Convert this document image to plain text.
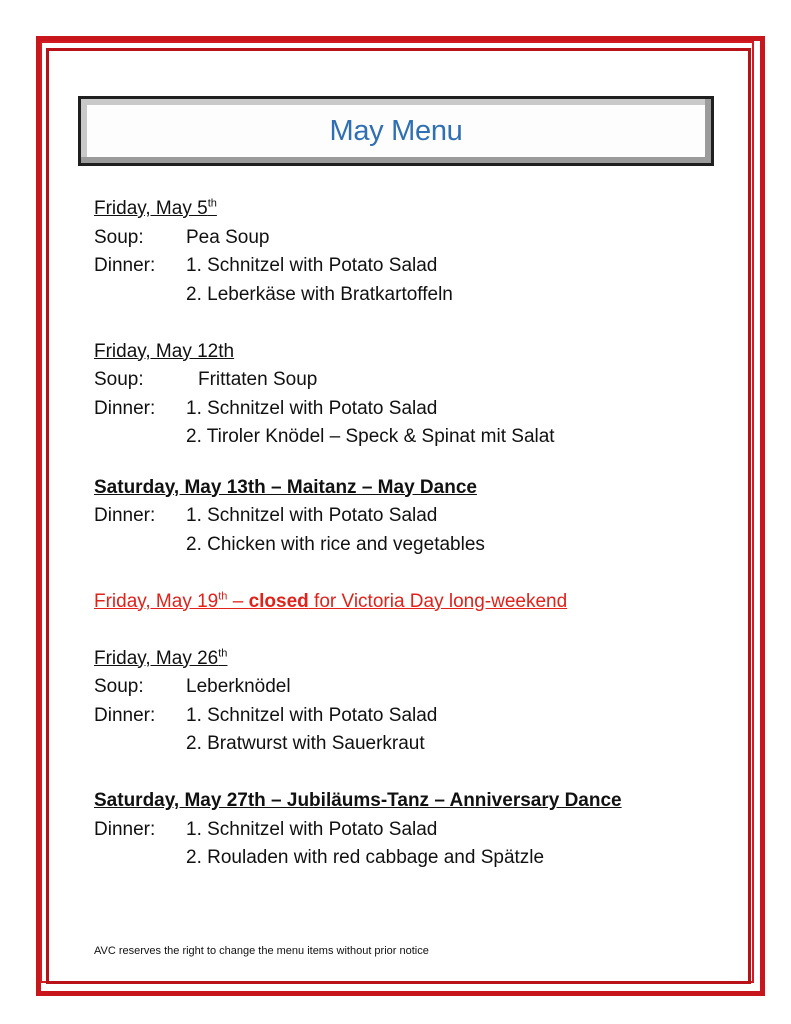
May Menu
Friday, May 5th
Soup: Pea Soup
Dinner: 1. Schnitzel with Potato Salad
2. Leberkäse with Bratkartoffeln
Friday, May 12th
Soup:	Frittaten Soup
Dinner: 1. Schnitzel with Potato Salad
2. Tiroler Knödel – Speck & Spinat mit Salat
Saturday, May 13th – Maitanz – May Dance
Dinner: 1. Schnitzel with Potato Salad
2. Chicken with rice and vegetables
Friday, May 19th – closed for Victoria Day long-weekend
Friday, May 26th
Soup: Leberknödel
Dinner: 1. Schnitzel with Potato Salad
2. Bratwurst with Sauerkraut
Saturday, May 27th – Jubiläums-Tanz – Anniversary Dance
Dinner: 1. Schnitzel with Potato Salad
2. Rouladen with red cabbage and Spätzle
AVC reserves the right to change the menu items without prior notice
